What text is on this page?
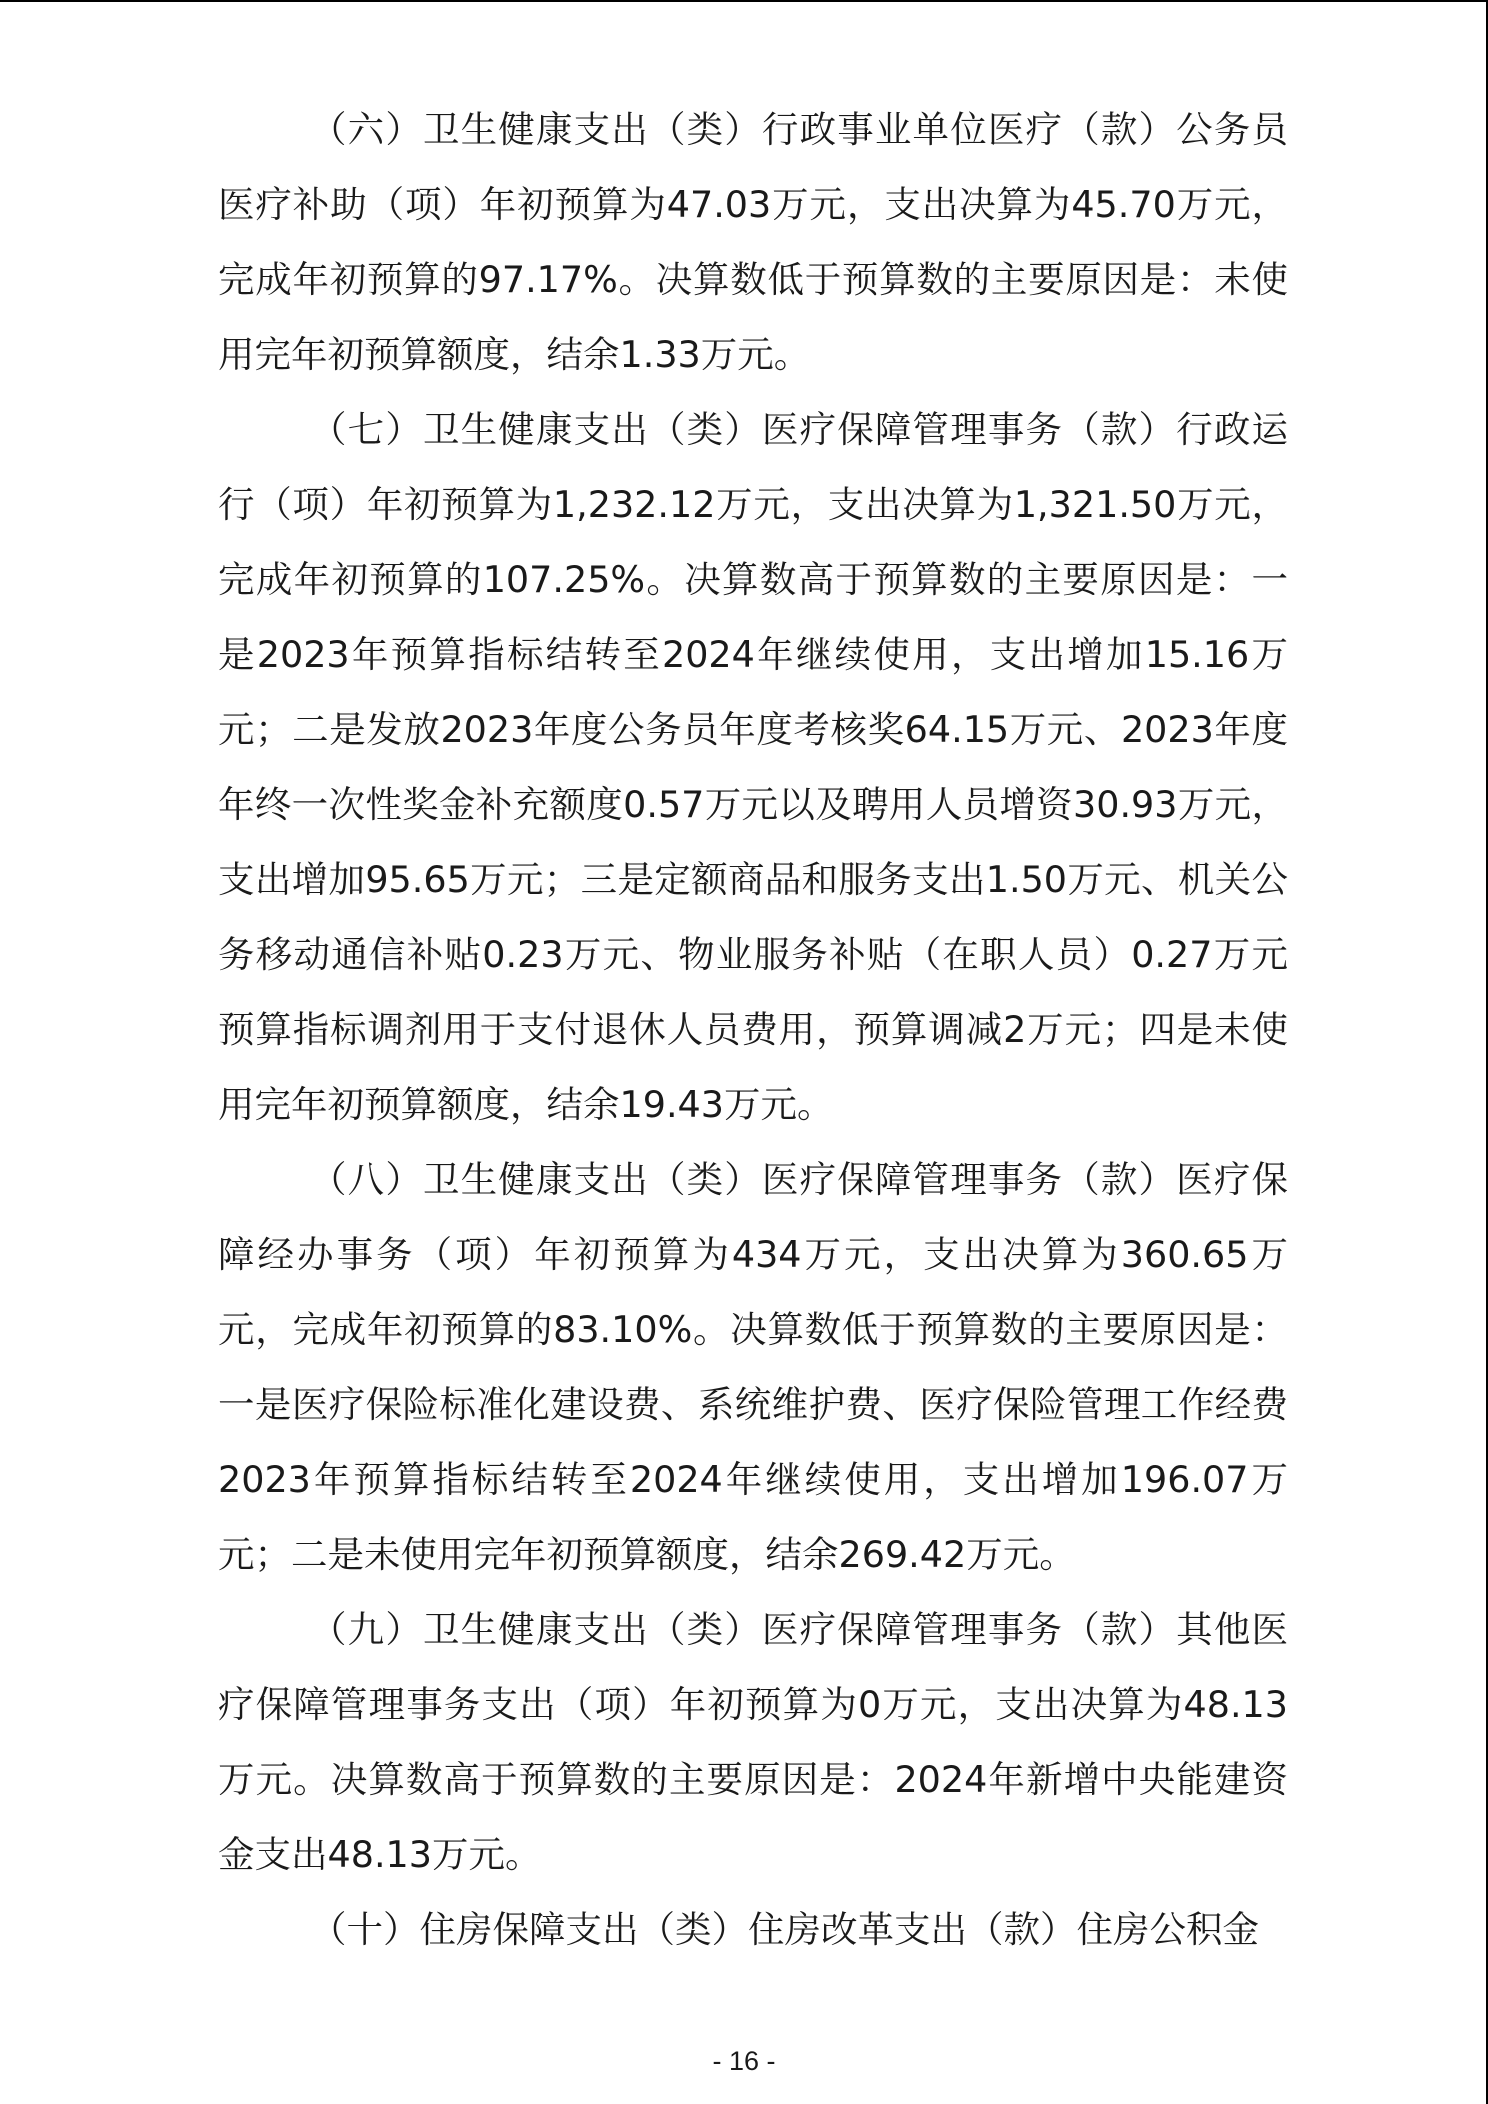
（六）卫生健康支出（类）行政事业单位医疗（款）公务员医疗补助（项）年初预算为47.03万元，支出决算为45.70万元，完成年初预算的97.17%。决算数低于预算数的主要原因是：未使用完年初预算额度，结余1.33万元。

（七）卫生健康支出（类）医疗保障管理事务（款）行政运行（项）年初预算为1,232.12万元，支出决算为1,321.50万元，完成年初预算的107.25%。决算数高于预算数的主要原因是：一是2023年预算指标结转至2024年继续使用，支出增加15.16万元；二是发放2023年度公务员年度考核奖64.15万元、2023年度年终一次性奖金补充额度0.57万元以及聘用人员增资30.93万元，支出增加95.65万元；三是定额商品和服务支出1.50万元、机关公务移动通信补贴0.23万元、物业服务补贴（在职人员）0.27万元预算指标调剂用于支付退休人员费用，预算调减2万元；四是未使用完年初预算额度，结余19.43万元。

（八）卫生健康支出（类）医疗保障管理事务（款）医疗保障经办事务（项）年初预算为434万元，支出决算为360.65万元，完成年初预算的83.10%。决算数低于预算数的主要原因是：一是医疗保险标准化建设费、系统维护费、医疗保险管理工作经费2023年预算指标结转至2024年继续使用，支出增加196.07万元；二是未使用完年初预算额度，结余269.42万元。

（九）卫生健康支出（类）医疗保障管理事务（款）其他医疗保障管理事务支出（项）年初预算为0万元，支出决算为48.13万元。决算数高于预算数的主要原因是：2024年新增中央能建资金支出48.13万元。

（十）住房保障支出（类）住房改革支出（款）住房公积金

- 16 -
